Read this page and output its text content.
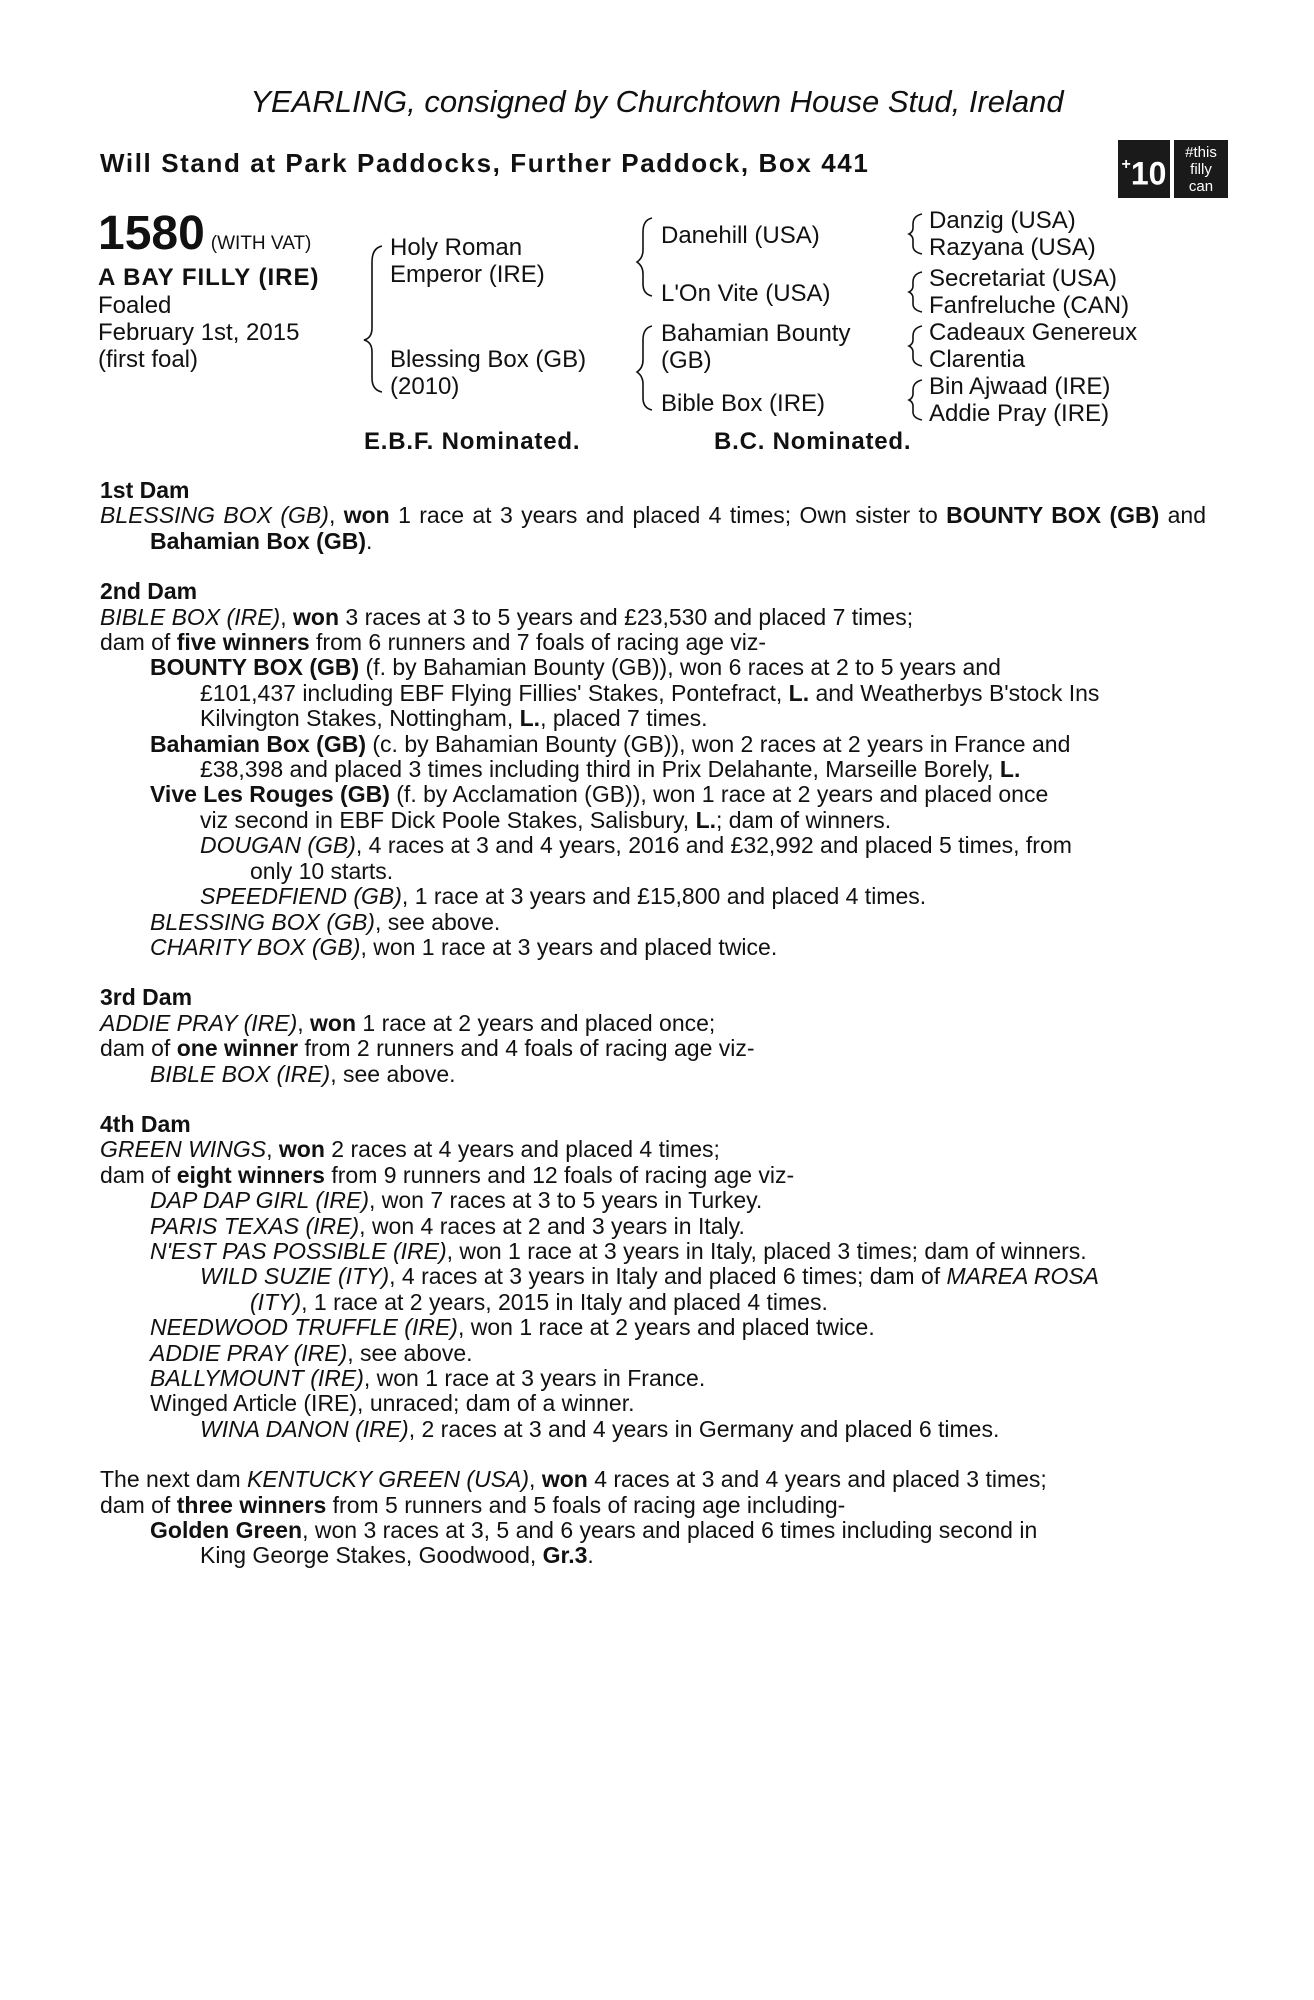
YEARLING, consigned by Churchtown House Stud, Ireland
Will Stand at Park Paddocks, Further Paddock, Box 441	+10
#this
filly
can
1580 (WITH VAT)
A BAY FILLY (IRE)
Foaled
February 1st, 2015
(first foal)
Holy Roman
Emperor (IRE)
Blessing Box (GB)
(2010)
Danehill (USA)
L'On Vite (USA)
Bahamian Bounty
(GB)
Bible Box (IRE)
Danzig (USA)
Razyana (USA)
Secretariat (USA)
Fanfreluche (CAN)
Cadeaux Genereux
Clarentia
Bin Ajwaad (IRE)
Addie Pray (IRE)
E.B.F. Nominated.	B.C. Nominated.

1st Dam

BLESSING BOX (GB), won 1 race at 3 years and placed 4 times; Own sister to BOUNTY BOX (GB) and Bahamian Box (GB).

2nd Dam

BIBLE BOX (IRE), won 3 races at 3 to 5 years and £23,530 and placed 7 times;

dam of five winners from 6 runners and 7 foals of racing age viz-

BOUNTY BOX (GB) (f. by Bahamian Bounty (GB)), won 6 races at 2 to 5 years and

£101,437 including EBF Flying Fillies' Stakes, Pontefract, L. and Weatherbys B'stock Ins

Kilvington Stakes, Nottingham, L., placed 7 times.

Bahamian Box (GB) (c. by Bahamian Bounty (GB)), won 2 races at 2 years in France and

£38,398 and placed 3 times including third in Prix Delahante, Marseille Borely, L.

Vive Les Rouges (GB) (f. by Acclamation (GB)), won 1 race at 2 years and placed once

viz second in EBF Dick Poole Stakes, Salisbury, L.; dam of winners.

DOUGAN (GB), 4 races at 3 and 4 years, 2016 and £32,992 and placed 5 times, from

only 10 starts.

SPEEDFIEND (GB), 1 race at 3 years and £15,800 and placed 4 times.

BLESSING BOX (GB), see above.

CHARITY BOX (GB), won 1 race at 3 years and placed twice.

3rd Dam

ADDIE PRAY (IRE), won 1 race at 2 years and placed once;

dam of one winner from 2 runners and 4 foals of racing age viz-

BIBLE BOX (IRE), see above.

4th Dam

GREEN WINGS, won 2 races at 4 years and placed 4 times;

dam of eight winners from 9 runners and 12 foals of racing age viz-

DAP DAP GIRL (IRE), won 7 races at 3 to 5 years in Turkey.

PARIS TEXAS (IRE), won 4 races at 2 and 3 years in Italy.

N'EST PAS POSSIBLE (IRE), won 1 race at 3 years in Italy, placed 3 times; dam of winners.

WILD SUZIE (ITY), 4 races at 3 years in Italy and placed 6 times; dam of MAREA ROSA

(ITY), 1 race at 2 years, 2015 in Italy and placed 4 times.

NEEDWOOD TRUFFLE (IRE), won 1 race at 2 years and placed twice.

ADDIE PRAY (IRE), see above.

BALLYMOUNT (IRE), won 1 race at 3 years in France.

Winged Article (IRE), unraced; dam of a winner.

WINA DANON (IRE), 2 races at 3 and 4 years in Germany and placed 6 times.

The next dam KENTUCKY GREEN (USA), won 4 races at 3 and 4 years and placed 3 times;

dam of three winners from 5 runners and 5 foals of racing age including-

Golden Green, won 3 races at 3, 5 and 6 years and placed 6 times including second in

King George Stakes, Goodwood, Gr.3.
